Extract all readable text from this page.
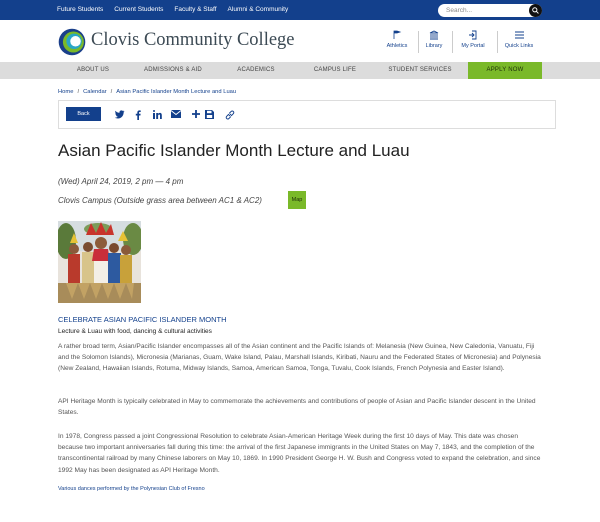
Future Students Current Students Faculty & Staff Alumni & Community	Search...
Clovis Community College	Athletics	Library	My Portal	Quick Links
ABOUT US	ADMISSIONS & AID	ACADEMICS	CAMPUS LIFE	STUDENT SERVICES	APPLY NOW
Home / Calendar / Asian Pacific Islander Month Lecture and Luau
Back
Asian Pacific Islander Month Lecture and Luau
(Wed) April 24, 2019, 2 pm — 4 pm
Clovis Campus (Outside grass area between AC1 & AC2)	Map
CELEBRATE ASIAN PACIFIC ISLANDER MONTH
Lecture & Luau with food, dancing & cultural activities

A rather broad term, Asian/Pacific Islander encompasses all of the Asian continent and the Pacific Islands of: Melanesia (New Guinea, New Caledonia, Vanuatu, Fiji and the Solomon Islands), Micronesia (Marianas, Guam, Wake Island, Palau, Marshall Islands, Kiribati, Nauru and the Federated States of Micronesia) and Polynesia (New Zealand, Hawaiian Islands, Rotuma, Midway Islands, Samoa, American Samoa, Tonga, Tuvalu, Cook Islands, French Polynesia and Easter Island).

API Heritage Month is typically celebrated in May to commemorate the achievements and contributions of people of Asian and Pacific Islander descent in the United States.

In 1978, Congress passed a joint Congressional Resolution to celebrate Asian-American Heritage Week during the first 10 days of May. This date was chosen because two important anniversaries fall during this time: the arrival of the first Japanese immigrants in the United States on May 7, 1843, and the completion of the transcontinental railroad by many Chinese laborers on May 10, 1869. In 1990 President George H. W. Bush and Congress voted to expand the celebration, and since 1992 May has been designated as API Heritage Month.

Various dances performed by the Polynesian Club of Fresno
